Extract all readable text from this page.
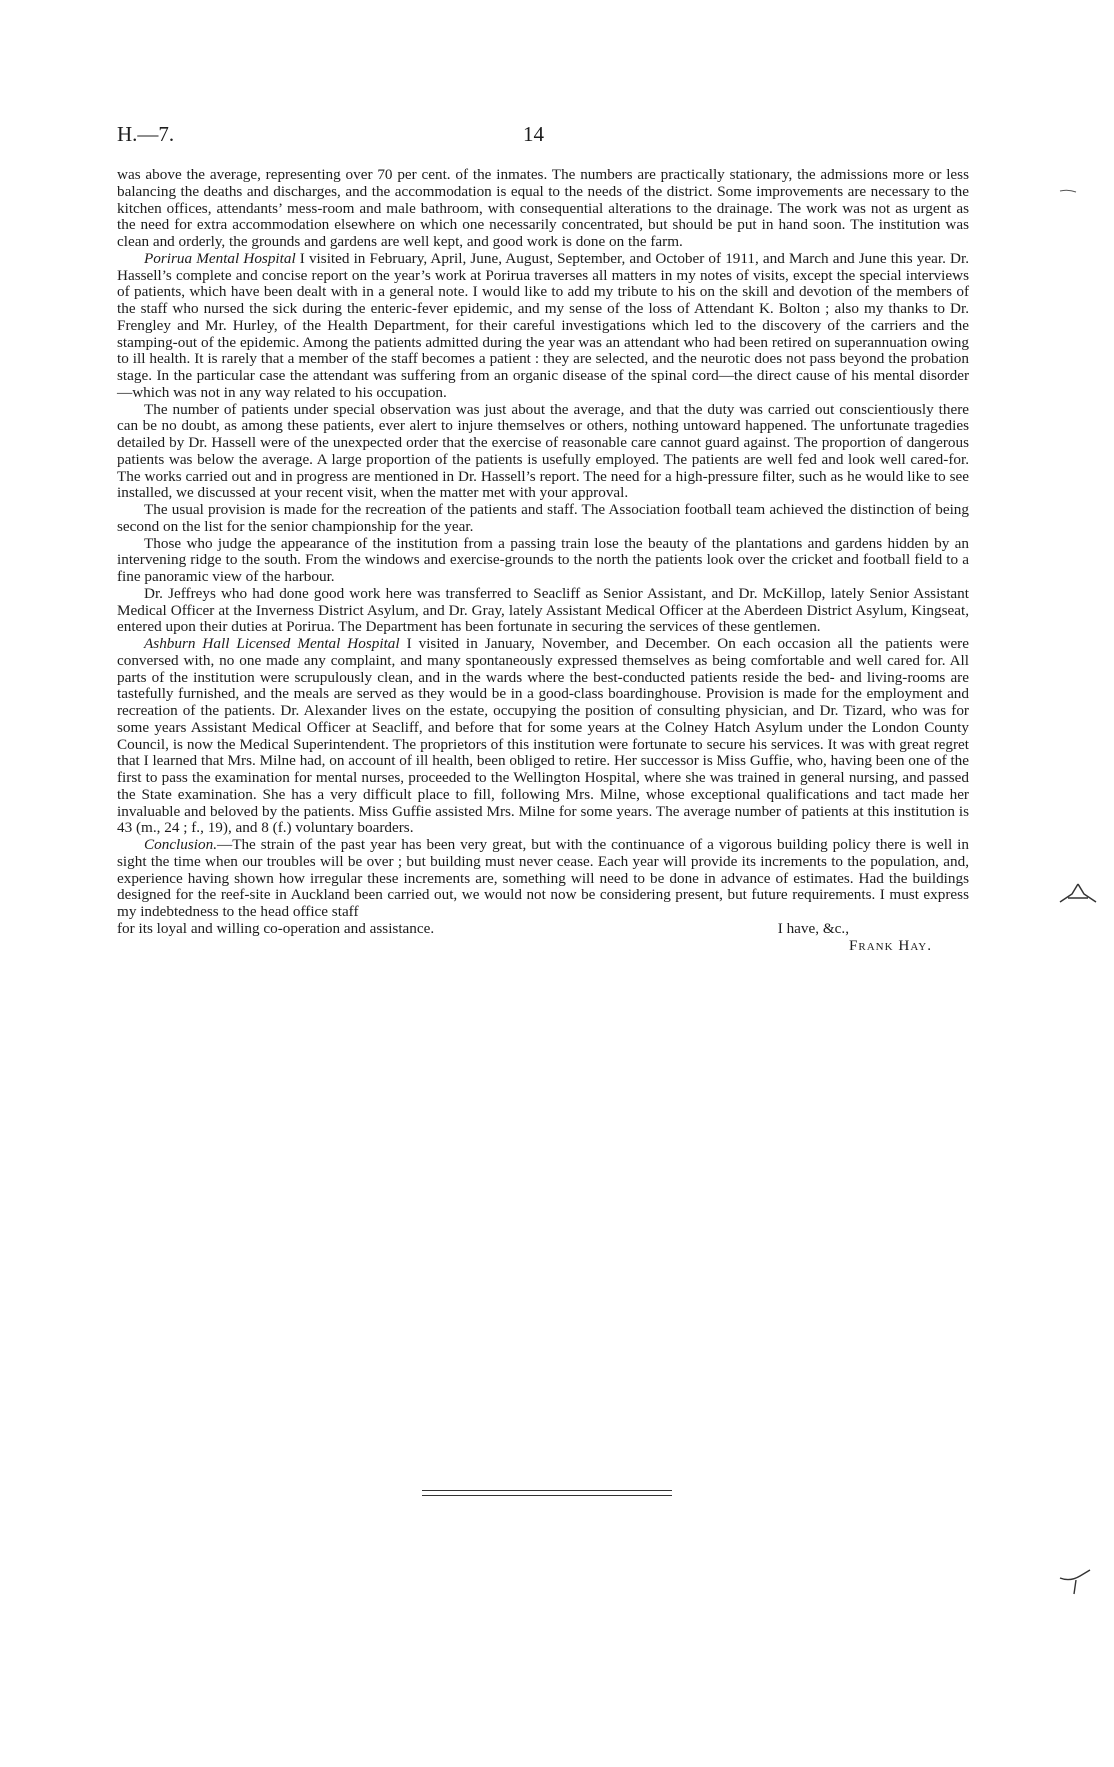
H.—7.	14

was above the average, representing over 70 per cent. of the inmates. The numbers are practically stationary, the admissions more or less balancing the deaths and discharges, and the accommodation is equal to the needs of the district. Some improvements are necessary to the kitchen offices, attendants’ mess-room and male bathroom, with consequential alterations to the drainage. The work was not as urgent as the need for extra accommodation elsewhere on which one necessarily concentrated, but should be put in hand soon. The institution was clean and orderly, the grounds and gardens are well kept, and good work is done on the farm.

Porirua Mental Hospital I visited in February, April, June, August, September, and October of 1911, and March and June this year. Dr. Hassell’s complete and concise report on the year’s work at Porirua traverses all matters in my notes of visits, except the special interviews of patients, which have been dealt with in a general note. I would like to add my tribute to his on the skill and devotion of the members of the staff who nursed the sick during the enteric-fever epidemic, and my sense of the loss of Attendant K. Bolton ; also my thanks to Dr. Frengley and Mr. Hurley, of the Health Department, for their careful investigations which led to the discovery of the carriers and the stamping-out of the epidemic. Among the patients admitted during the year was an attendant who had been retired on superannuation owing to ill health. It is rarely that a member of the staff becomes a patient : they are selected, and the neurotic does not pass beyond the probation stage. In the particular case the attendant was suffering from an organic disease of the spinal cord—the direct cause of his mental disorder—which was not in any way related to his occupation.

The number of patients under special observation was just about the average, and that the duty was carried out conscientiously there can be no doubt, as among these patients, ever alert to injure themselves or others, nothing untoward happened. The unfortunate tragedies detailed by Dr. Hassell were of the unexpected order that the exercise of reasonable care cannot guard against. The proportion of dangerous patients was below the average. A large proportion of the patients is usefully employed. The patients are well fed and look well cared-for. The works carried out and in progress are mentioned in Dr. Hassell’s report. The need for a high-pressure filter, such as he would like to see installed, we discussed at your recent visit, when the matter met with your approval.

The usual provision is made for the recreation of the patients and staff. The Association football team achieved the distinction of being second on the list for the senior championship for the year.

Those who judge the appearance of the institution from a passing train lose the beauty of the plantations and gardens hidden by an intervening ridge to the south. From the windows and exercise-grounds to the north the patients look over the cricket and football field to a fine panoramic view of the harbour.

Dr. Jeffreys who had done good work here was transferred to Seacliff as Senior Assistant, and Dr. McKillop, lately Senior Assistant Medical Officer at the Inverness District Asylum, and Dr. Gray, lately Assistant Medical Officer at the Aberdeen District Asylum, Kingseat, entered upon their duties at Porirua. The Department has been fortunate in securing the services of these gentlemen.

Ashburn Hall Licensed Mental Hospital I visited in January, November, and December. On each occasion all the patients were conversed with, no one made any complaint, and many spontaneously expressed themselves as being comfortable and well cared for. All parts of the institution were scrupulously clean, and in the wards where the best-conducted patients reside the bed- and living-rooms are tastefully furnished, and the meals are served as they would be in a good-class boardinghouse. Provision is made for the employment and recreation of the patients. Dr. Alexander lives on the estate, occupying the position of consulting physician, and Dr. Tizard, who was for some years Assistant Medical Officer at Seacliff, and before that for some years at the Colney Hatch Asylum under the London County Council, is now the Medical Superintendent. The proprietors of this institution were fortunate to secure his services. It was with great regret that I learned that Mrs. Milne had, on account of ill health, been obliged to retire. Her successor is Miss Guffie, who, having been one of the first to pass the examination for mental nurses, proceeded to the Wellington Hospital, where she was trained in general nursing, and passed the State examination. She has a very difficult place to fill, following Mrs. Milne, whose exceptional qualifications and tact made her invaluable and beloved by the patients. Miss Guffie assisted Mrs. Milne for some years. The average number of patients at this institution is 43 (m., 24 ; f., 19), and 8 (f.) voluntary boarders.

Conclusion.—The strain of the past year has been very great, but with the continuance of a vigorous building policy there is well in sight the time when our troubles will be over ; but building must never cease. Each year will provide its increments to the population, and, experience having shown how irregular these increments are, something will need to be done in advance of estimates. Had the buildings designed for the reef-site in Auckland been carried out, we would not now be considering present, but future requirements. I must express my indebtedness to the head office staff

for its loyal and willing co-operation and assistance.	I have, &c.,
Frank Hay.
